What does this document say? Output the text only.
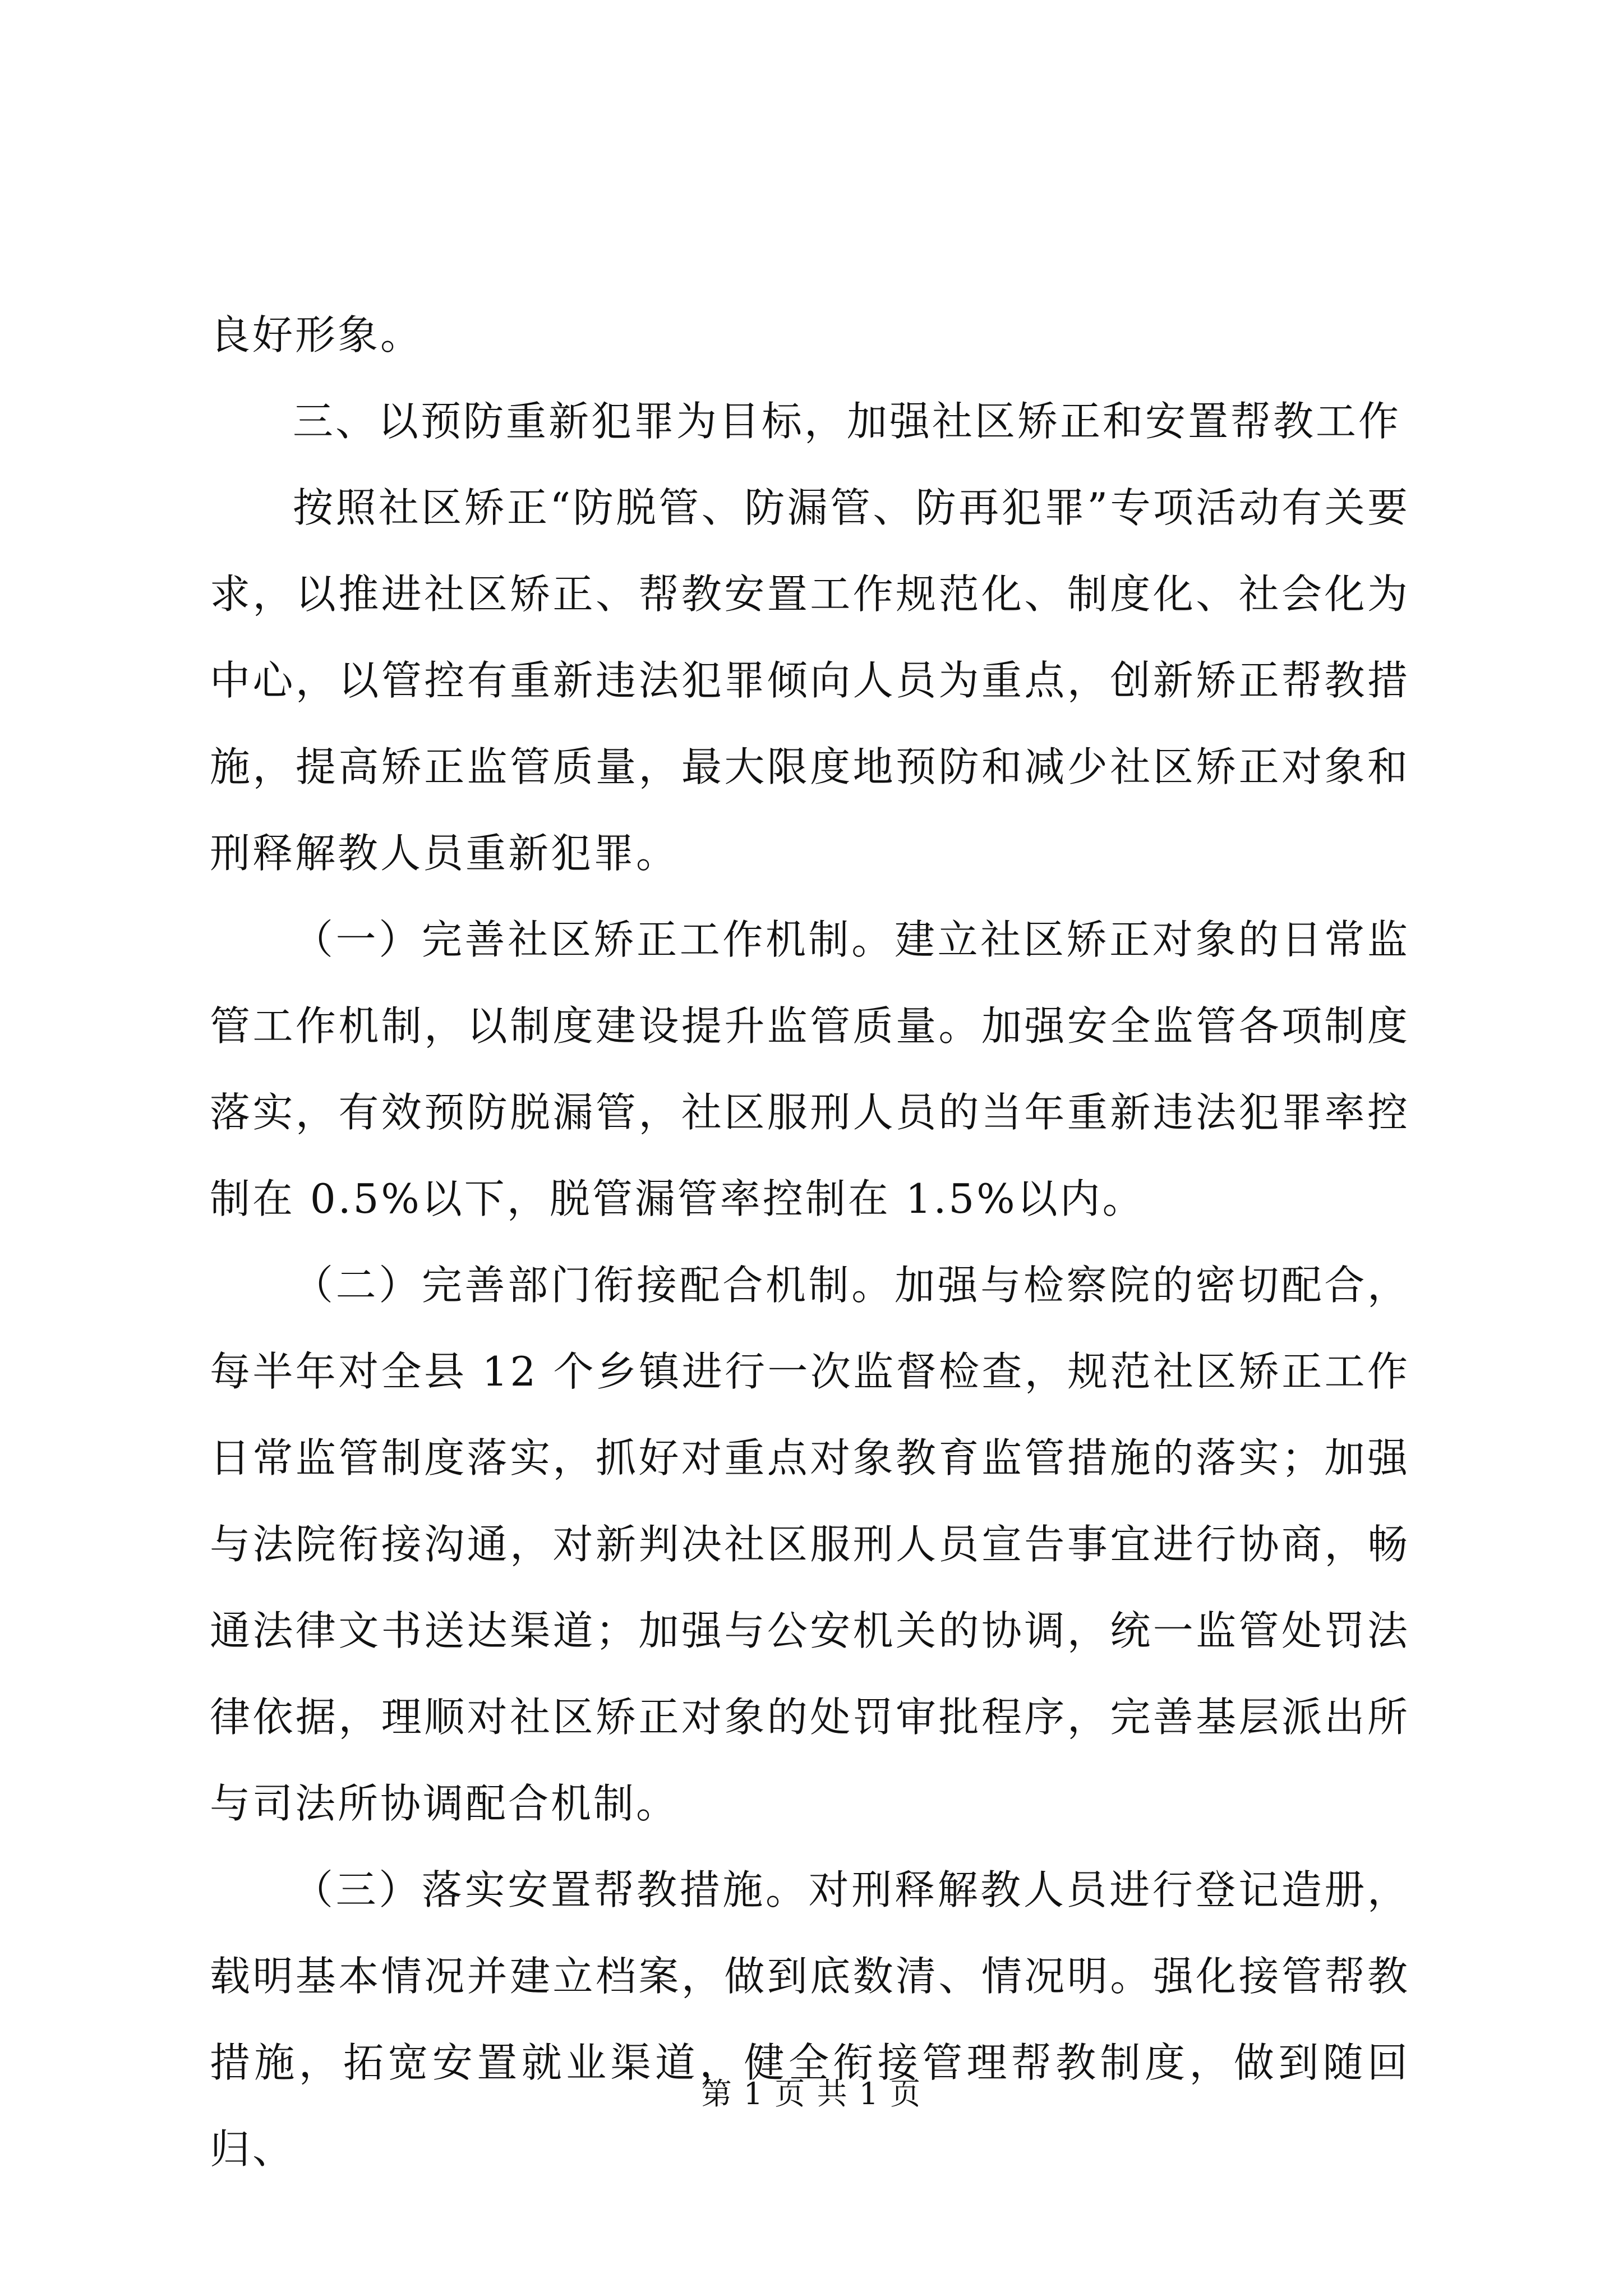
良好形象。

三、以预防重新犯罪为目标，加强社区矫正和安置帮教工作

按照社区矫正“防脱管、防漏管、防再犯罪”专项活动有关要求，以推进社区矫正、帮教安置工作规范化、制度化、社会化为中心，以管控有重新违法犯罪倾向人员为重点，创新矫正帮教措施，提高矫正监管质量，最大限度地预防和减少社区矫正对象和刑释解教人员重新犯罪。

（一）完善社区矫正工作机制。建立社区矫正对象的日常监管工作机制，以制度建设提升监管质量。加强安全监管各项制度落实，有效预防脱漏管，社区服刑人员的当年重新违法犯罪率控制在 0.5%以下，脱管漏管率控制在 1.5%以内。

（二）完善部门衔接配合机制。加强与检察院的密切配合，每半年对全县 12 个乡镇进行一次监督检查，规范社区矫正工作日常监管制度落实，抓好对重点对象教育监管措施的落实；加强与法院衔接沟通，对新判决社区服刑人员宣告事宜进行协商，畅通法律文书送达渠道；加强与公安机关的协调，统一监管处罚法律依据，理顺对社区矫正对象的处罚审批程序，完善基层派出所与司法所协调配合机制。

（三）落实安置帮教措施。对刑释解教人员进行登记造册，载明基本情况并建立档案，做到底数清、情况明。强化接管帮教措施，拓宽安置就业渠道，健全衔接管理帮教制度，做到随回归、

第 1 页 共 1 页
